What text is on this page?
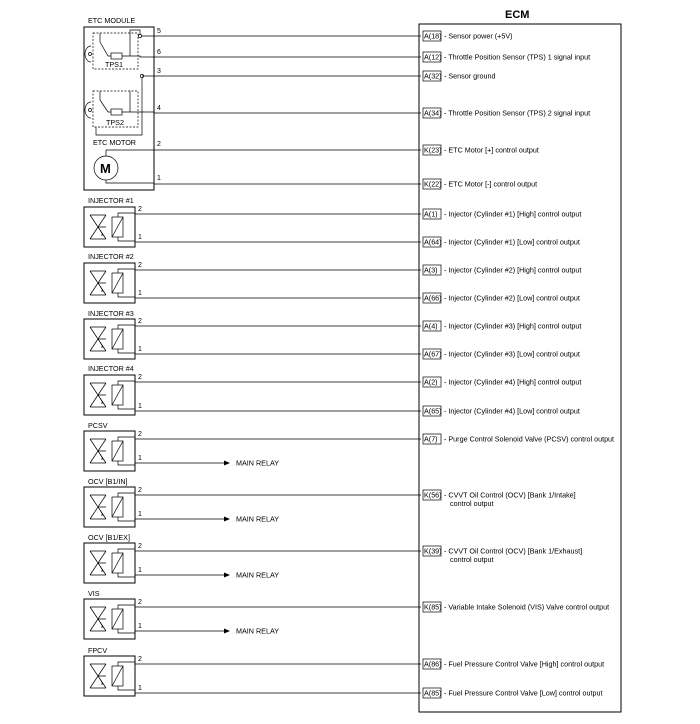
ECM
A(18) - Sensor power (+5V)
A(12) - Throttle Position Sensor (TPS) 1 signal input
A(32) - Sensor ground
A(34) - Throttle Position Sensor (TPS) 2 signal input
K(23) - ETC Motor [+] control output
K(22) - ETC Motor [-] control output
A(1) - Injector (Cylinder #1) [High] control output
A(64) - Injector (Cylinder #1) [Low] control output
A(3) - Injector (Cylinder #2) [High] control output
A(66) - Injector (Cylinder #2) [Low] control output
A(4) - Injector (Cylinder #3) [High] control output
A(67) - Injector (Cylinder #3) [Low] control output
A(2) - Injector (Cylinder #4) [High] control output
A(65) - Injector (Cylinder #4) [Low] control output
A(7) - Purge Control Solenoid Valve (PCSV) control output
K(56) - CVVT Oil Control (OCV) [Bank 1/Intake]
control output
K(39) - CVVT Oil Control (OCV) [Bank 1/Exhaust]
control output
K(85) - Variable Intake Solenoid (VIS) Valve control output
A(86) - Fuel Pressure Control Valve [High] control output
A(85) - Fuel Pressure Control Valve [Low] control output
ETC MODULE
TPS1
TPS2
ETC MOTOR
M
5
6
3
4
2
1
INJECTOR #1
2
1
INJECTOR #2
2
1
INJECTOR #3
2
1
INJECTOR #4
2
1
PCSV
2
1	MAIN RELAY
OCV [B1/IN]
2
1	MAIN RELAY
OCV [B1/EX]
2
1	MAIN RELAY
VIS
2
1	MAIN RELAY
FPCV
2
1
